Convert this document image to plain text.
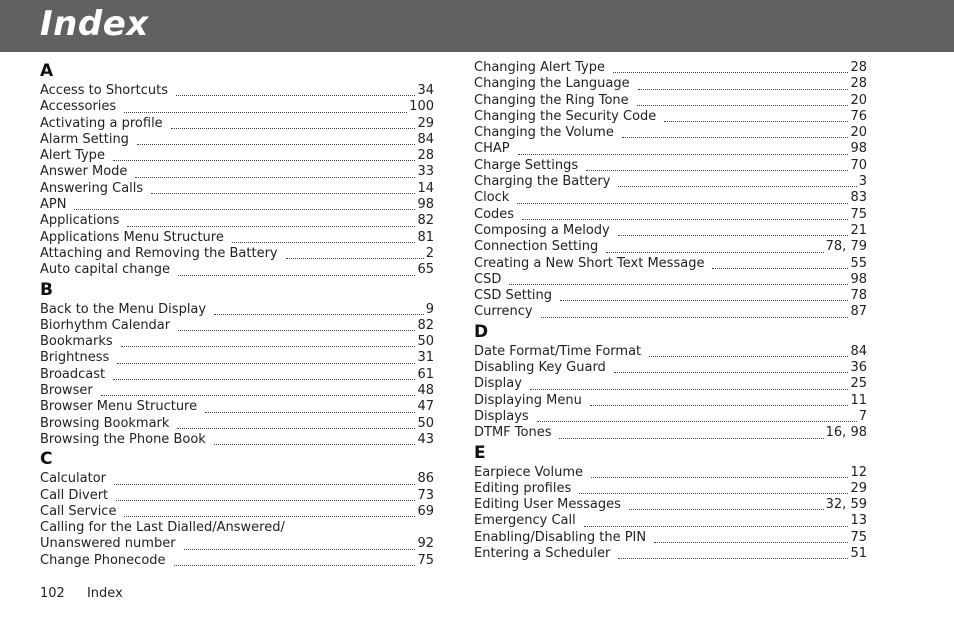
Index
A
Access to Shortcuts	34
Accessories	100
Activating a profile	29
Alarm Setting	84
Alert Type	28
Answer Mode	33
Answering Calls	14
APN	98
Applications	82
Applications Menu Structure	81
Attaching and Removing the Battery	2
Auto capital change	65
B
Back to the Menu Display	9
Biorhythm Calendar	82
Bookmarks	50
Brightness	31
Broadcast	61
Browser	48
Browser Menu Structure	47
Browsing Bookmark	50
Browsing the Phone Book	43
C
Calculator	86
Call Divert	73
Call Service	69
Calling for the Last Dialled/Answered/
Unanswered number	92
Change Phonecode	75
Changing Alert Type	28
Changing the Language	28
Changing the Ring Tone	20
Changing the Security Code	76
Changing the Volume	20
CHAP	98
Charge Settings	70
Charging the Battery	3
Clock	83
Codes	75
Composing a Melody	21
Connection Setting	78, 79
Creating a New Short Text Message	55
CSD	98
CSD Setting	78
Currency	87
D
Date Format/Time Format	84
Disabling Key Guard	36
Display	25
Displaying Menu	11
Displays	7
DTMF Tones	16, 98
E
Earpiece Volume	12
Editing profiles	29
Editing User Messages	32, 59
Emergency Call	13
Enabling/Disabling the PIN	75
Entering a Scheduler	51
102 Index
